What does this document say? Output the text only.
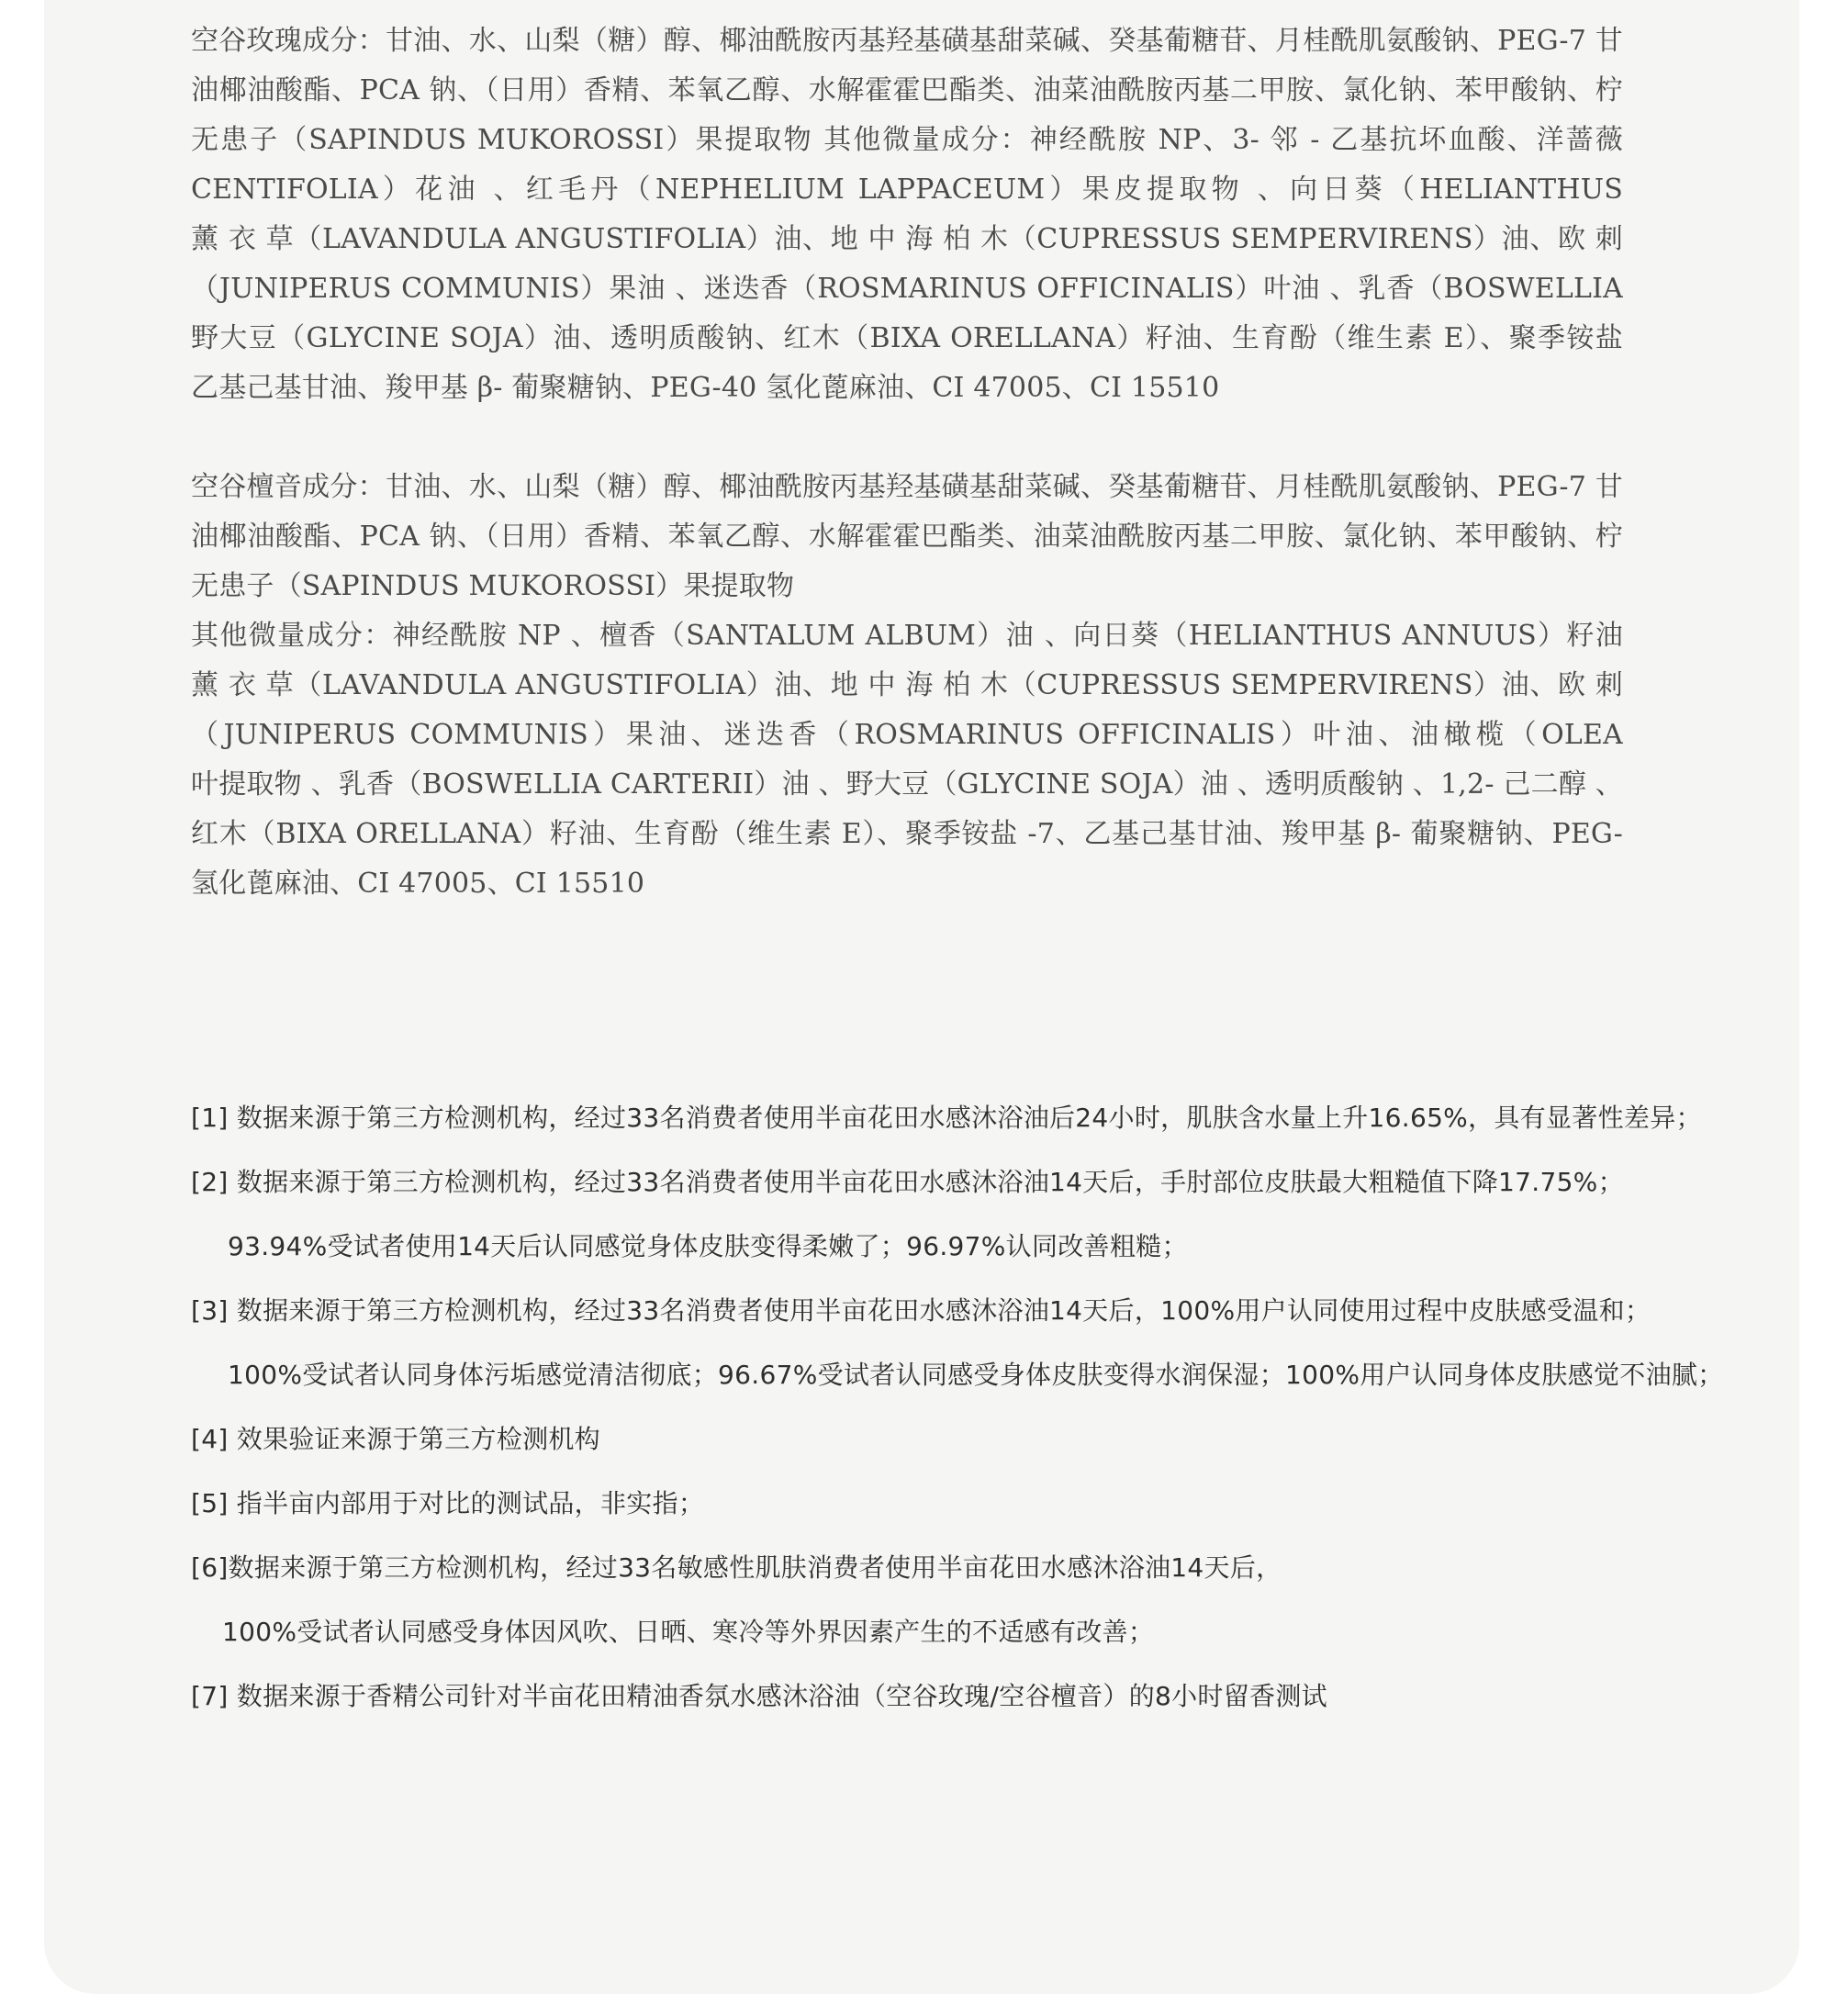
空谷玫瑰成分：甘油、水、山梨（糖）醇、椰油酰胺丙基羟基磺基甜菜碱、癸基葡糖苷、月桂酰肌氨酸钠、PEG-7 甘
油椰油酸酯、PCA 钠、（日用）香精、苯氧乙醇、水解霍霍巴酯类、油菜油酰胺丙基二甲胺、氯化钠、苯甲酸钠、柠
无患子（SAPINDUS MUKOROSSI）果提取物 其他微量成分：神经酰胺 NP、3- 邻 - 乙基抗坏血酸、洋蔷薇
CENTIFOLIA）花油 、红毛丹（NEPHELIUM LAPPACEUM）果皮提取物 、向日葵（HELIANTHUS
薰 衣 草（LAVANDULA ANGUSTIFOLIA）油、地 中 海 柏 木（CUPRESSUS SEMPERVIRENS）油、欧 刺
（JUNIPERUS COMMUNIS）果油 、迷迭香（ROSMARINUS OFFICINALIS）叶油 、乳香（BOSWELLIA
野大豆（GLYCINE SOJA）油、透明质酸钠、红木（BIXA ORELLANA）籽油、生育酚（维生素 E）、聚季铵盐
乙基己基甘油、羧甲基 β- 葡聚糖钠、PEG-40 氢化蓖麻油、CI 47005、CI 15510
空谷檀音成分：甘油、水、山梨（糖）醇、椰油酰胺丙基羟基磺基甜菜碱、癸基葡糖苷、月桂酰肌氨酸钠、PEG-7 甘
油椰油酸酯、PCA 钠、（日用）香精、苯氧乙醇、水解霍霍巴酯类、油菜油酰胺丙基二甲胺、氯化钠、苯甲酸钠、柠
无患子（SAPINDUS MUKOROSSI）果提取物
其他微量成分：神经酰胺 NP 、檀香（SANTALUM ALBUM）油 、向日葵（HELIANTHUS ANNUUS）籽油
薰 衣 草（LAVANDULA ANGUSTIFOLIA）油、地 中 海 柏 木（CUPRESSUS SEMPERVIRENS）油、欧 刺
（JUNIPERUS COMMUNIS）果油、迷迭香（ROSMARINUS OFFICINALIS）叶油、油橄榄（OLEA
叶提取物 、乳香（BOSWELLIA CARTERII）油 、野大豆（GLYCINE SOJA）油 、透明质酸钠 、1,2- 己二醇 、
红木（BIXA ORELLANA）籽油、生育酚（维生素 E）、聚季铵盐 -7、乙基己基甘油、羧甲基 β- 葡聚糖钠、PEG-
氢化蓖麻油、CI 47005、CI 15510
[1] 数据来源于第三方检测机构，经过33名消费者使用半亩花田水感沐浴油后24小时，肌肤含水量上升16.65%，具有显著性差异；
[2] 数据来源于第三方检测机构，经过33名消费者使用半亩花田水感沐浴油14天后，手肘部位皮肤最大粗糙值下降17.75%；
93.94%受试者使用14天后认同感觉身体皮肤变得柔嫩了；96.97%认同改善粗糙；
[3] 数据来源于第三方检测机构，经过33名消费者使用半亩花田水感沐浴油14天后，100%用户认同使用过程中皮肤感受温和；
100%受试者认同身体污垢感觉清洁彻底；96.67%受试者认同感受身体皮肤变得水润保湿；100%用户认同身体皮肤感觉不油腻；
[4] 效果验证来源于第三方检测机构
[5] 指半亩内部用于对比的测试品，非实指；
[6]数据来源于第三方检测机构，经过33名敏感性肌肤消费者使用半亩花田水感沐浴油14天后，
100%受试者认同感受身体因风吹、日晒、寒冷等外界因素产生的不适感有改善；
[7] 数据来源于香精公司针对半亩花田精油香氛水感沐浴油（空谷玫瑰/空谷檀音）的8小时留香测试
